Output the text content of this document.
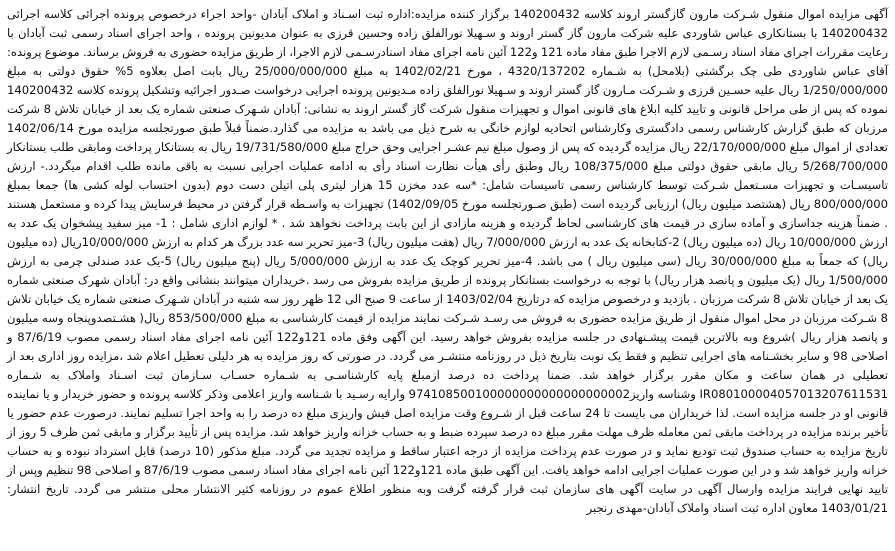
آگهی مزایده اموال منقول شـرکت مارون گازگستر اروند کلاسه 140200432 برگزار کننده مزایده:اداره ثبت اسـناد و املاک آبادان -واحد اجراء درخصوص پرونده اجرائی کلاسه اجرائی 140200432 با بستانکاری عباس شاوردی علیه شرکت مارون گاز گستر اروند و سـهیلا نورالفلق زاده وحسین قرزی به عنوان مدیونین پرونده ، واحد اجرای اسناد رسمی ثبت آبادان با رعایت مقررات اجرای مفاد اسناد رسـمی لازم الاجرا طبق مفاد ماده 121 و122 آئین نامه اجرای مفاد اسنادرسـمی لازم الاجرا، از طریق مزایده حضوری به فروش برساند. موضوع پرونده: آقای عباس شاوردی طی چک برگشتی (بلامحل) به شـماره 4320/137202 ، مورخ 1402/02/21 به مبلغ 25/000/000/000 ریال بابت اصل بعلاوه 5% حقوق دولتی به مبلغ 1/250/000/000 ریال علیه حسـین قرزی و شـرکت مـارون گاز گستر اروند و سـهیلا نورالفلق زاده مـدیونین پرونده اجرایی درخواست صـدور اجرائیه وتشکیل پرونده کلاسه 140200432 نموده که پس از طی مراحل قانونی و تایید کلیه ابلاغ های قانونی اموال و تجهیزات منقول شرکت گاز گستر اروند به نشانی: آبادان شـهرک صنعتی شماره یک بعد از خیابان تلاش 8 شرکت مرزبان که طبق گزارش کارشناس رسمی دادگستری وکارشناس اتحادیه لوازم خانگی به شرح ذیل می باشد به مزایده می گذارد.ضمناً قبلاً طبق صورتجلسه مزایده مورخ 1402/06/14 تعدادی از اموال مبلغ 22/170/000/000 ریال مزایده گردیده که پس از وصول مبلغ نیم عشـر اجرایی وحق حراج مبلغ 19/731/580/000 ریال به بستانکار پرداخت ومابقی طلب بستانکار 5/268/700/000 ریال مابقی حقوق دولتی مبلغ 108/375/000 ریال وطبق رأی هیأت نظارت اسناد رأی به ادامه عملیات اجرایی نسبت به باقی مانده طلب اقدام میگردد.- ارزش تاسیسـات و تجهیزات مسـتعمل شـرکت توسط کارشناس رسمی تاسیسات شامل: *سه عدد مخزن 15 هزار لیتری پلی اتیلن دست دوم (بدون احتساب لوله کشی ها) جمعا بمبلغ 800/000/000 ریال (هشتصد میلیون ریال) ارزیابی گردیده است (طبق صـورتجلسه مورخ 1402/09/05) تجهیزات به واسـطه قرار گرفتن در محیط فرسایش پیدا کرده و مستعمل هستند . ضمناً هزینه جداسازی و آماده سازی در قیمت های کارشناسی لحاظ گردیده و هزینه مازادی از این بابت پرداخت نخواهد شد . * لوازم اداری شامل : 1- میز سفید پیشخوان یک عدد به ارزش 10/000/000 ریال (ده میلیون ریال) 2-کتابخانه یک عدد به ارزش 7/000/000 ریال (هفت میلیون ریال) 3-میز تحریر سه عدد بزرگ هر کدام به ارزش 10/000/000ریال (ده میلیون ریال) که جمعاً به مبلغ 30/000/000 ریال (سی میلیون ریال ) می باشد. 4-میز تحریر کوچک یک عدد به ارزش 5/000/000 ریال (پنج میلیون ریال) 5-یک عدد صندلی چرمی به ارزش 1/500/000 ریال (یک میلیون و پانصد هزار ریال) با توجه به درخواست بستانکار پرونده از طریق مزایده بفروش می رسد .خریداران میتوانند بنشانی واقع در: آبادان شهرک صنعتی شماره یک بعد از خیابان تلاش 8 شرکت مرزبان . بازدید و درخصوص مزایده که درتاریخ 1403/02/04 از ساعت 9 صبح الی 12 ظهر روز سه شنبه در آبادان شـهرک صنعتی شماره یک خیابان تلاش 8 شـرکت مرزبان در محل اموال منقول از طریق مزایده حضوری به فروش می رسـد شـرکت نمایند مزایده از قیمت کارشناسی به مبلغ 853/500/000 ریال( هشـتصدوپنجاه وسه میلیون و پانصد هزار ریال )شروع وبه بالاترین قیمت پیشـنهادی در جلسه مزایده بفروش خواهد رسید. این آگهی وفق ماده 121و122 آئین نامه اجرای مفاد اسناد رسمی مصوب 87/6/19 و اصلاحی 98 و سایر بخشـنامه های اجرایی تنظیم و فقط یک نوبت بتاریخ ذیل در روزنامه منتشـر می گردد. در صورتی که روز مزایده به هر دلیلی تعطیل اعلام شد ،مزایده روز اداری بعد از تعطیلی در همان ساعت و مکان مقرر برگزار خواهد شد. ضمنا پرداخت ده درصد ازمبلغ پایه کارشناسـی به شـماره حسـاب سـازمان ثبت اسـناد واملاک به شـماره IR080100004057013207611531 وشناسه واریز974108500100000000000000000002 وارایه رسـید با شـناسه واریز اعلامی وذکر کلاسه پرونده و حضور خریدار و یا نماینده قانونی او در جلسه مزایده است. لذا خریداران می بایست تا 24 ساعت قبل از شـروع وقت مزایده اصل فیش واریزی مبلغ ده درصد را به واحد اجرا تسلیم نمایند. درصورت عدم حضور یا تأخیر برنده مزایده در پرداخت مابقی ثمن معامله ظرف مهلت مقرر مبلغ ده درصد سپرده ضبط و به حساب خزانه واریز خواهد شد. مزایده پس از تأیید برگزار و مابقی ثمن ظرف 5 روز از تاریخ مزایده به حساب صندوق ثبت تودیع نماید و در صورت عدم پرداخت مزایده از درجه اعتبار ساقط و مزایده تجدید می گردد. مبلغ مذکور (10 درصد) قابل استرداد نبوده و به حساب خزانه واریز خواهد شد و در این صورت عملیات اجرایی ادامه خواهد یافت. این آگهی طبق ماده 121و122 آئین نامه اجرای مفاد اسناد رسمی مصوب 87/6/19 و اصلاحی 98 تنظیم وپس از تایید نهایی فرایند مزایده وارسال آگهی در سایت آگهی های سازمان ثبت قرار گرفته گرفت وبه منظور اطلاع عموم در روزنامه کثیر الانتشار محلی منتشر می گردد. تاریخ انتشار: 1403/01/21 معاون اداره ثبت اسناد واملاک آبادان-مهدی رنجبر
